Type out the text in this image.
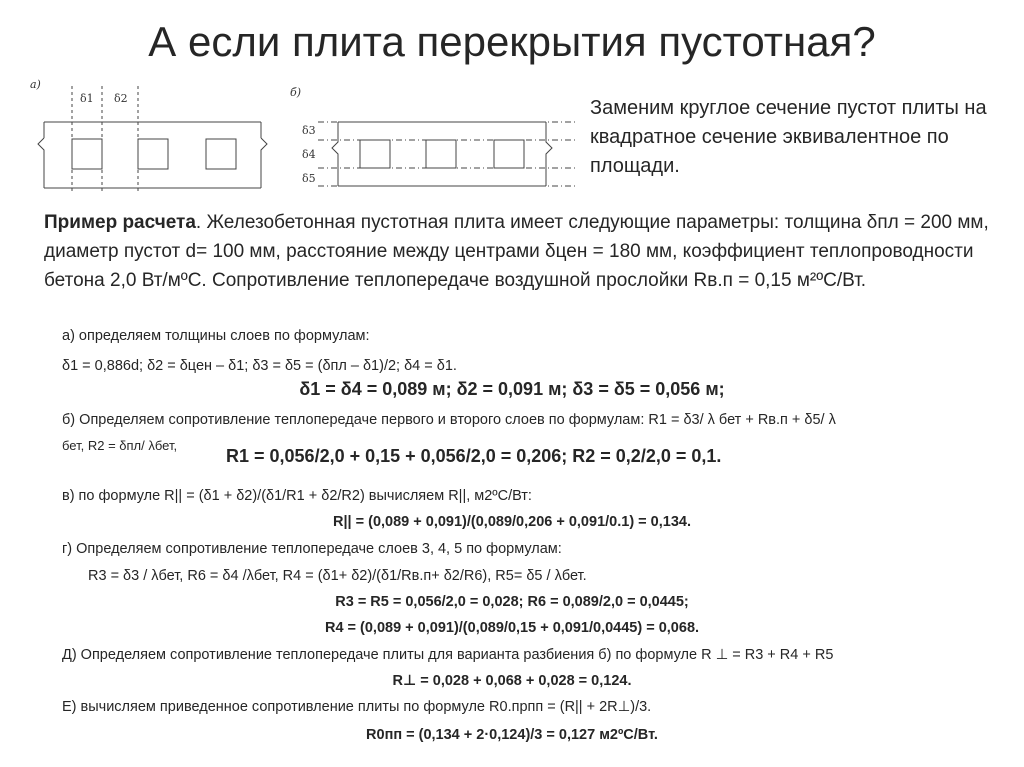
А если плита перекрытия пустотная?
а)
δ1 δ2	б)
δ3
δ4
δ5
Заменим круглое сечение пустот плиты на квадратное сечение эквивалентное по площади.
Пример расчета. Железобетонная пустотная плита имеет следующие параметры: толщина δпл = 200 мм, диаметр пустот d= 100 мм, расстояние между центрами δцен = 180 мм, коэффициент теплопроводности бетона 2,0 Вт/мºС. Сопротивление теплопередаче воздушной прослойки Rв.п = 0,15 м²ºС/Вт.
а) определяем толщины слоев по формулам:
δ1 = 0,886d; δ2 = δцен – δ1; δ3 = δ5 = (δпл – δ1)/2; δ4 = δ1.
δ1 = δ4 = 0,089 м; δ2 = 0,091 м; δ3 = δ5 = 0,056 м;
б) Определяем сопротивление теплопередаче первого и второго слоев по формулам: R1 = δ3/ λ бет + Rв.п + δ5/ λ
бет, R2 = δпл/ λбет,
R1 = 0,056/2,0 + 0,15 + 0,056/2,0 = 0,206; R2 = 0,2/2,0 = 0,1.
в) по формуле R|| = (δ1 + δ2)/(δ1/R1 + δ2/R2) вычисляем R||, м2ºC/Вт:
R|| = (0,089 + 0,091)/(0,089/0,206 + 0,091/0.1) = 0,134.
г) Определяем сопротивление теплопередаче слоев 3, 4, 5 по формулам:
R3 = δ3 / λбет, R6 = δ4 /λбет, R4 = (δ1+ δ2)/(δ1/Rв.п+ δ2/R6), R5= δ5 / λбет.
R3 = R5 = 0,056/2,0 = 0,028; R6 = 0,089/2,0 = 0,0445;
R4 = (0,089 + 0,091)/(0,089/0,15 + 0,091/0,0445) = 0,068.
Д) Определяем сопротивление теплопередаче плиты для варианта разбиения б) по формуле R ⊥ = R3 + R4 + R5
R⊥ = 0,028 + 0,068 + 0,028 = 0,124.
Е) вычисляем приведенное сопротивление плиты по формуле R0.прпп = (R|| + 2R⊥)/3.
R0пп = (0,134 + 2·0,124)/3 = 0,127 м2ºС/Вт.
